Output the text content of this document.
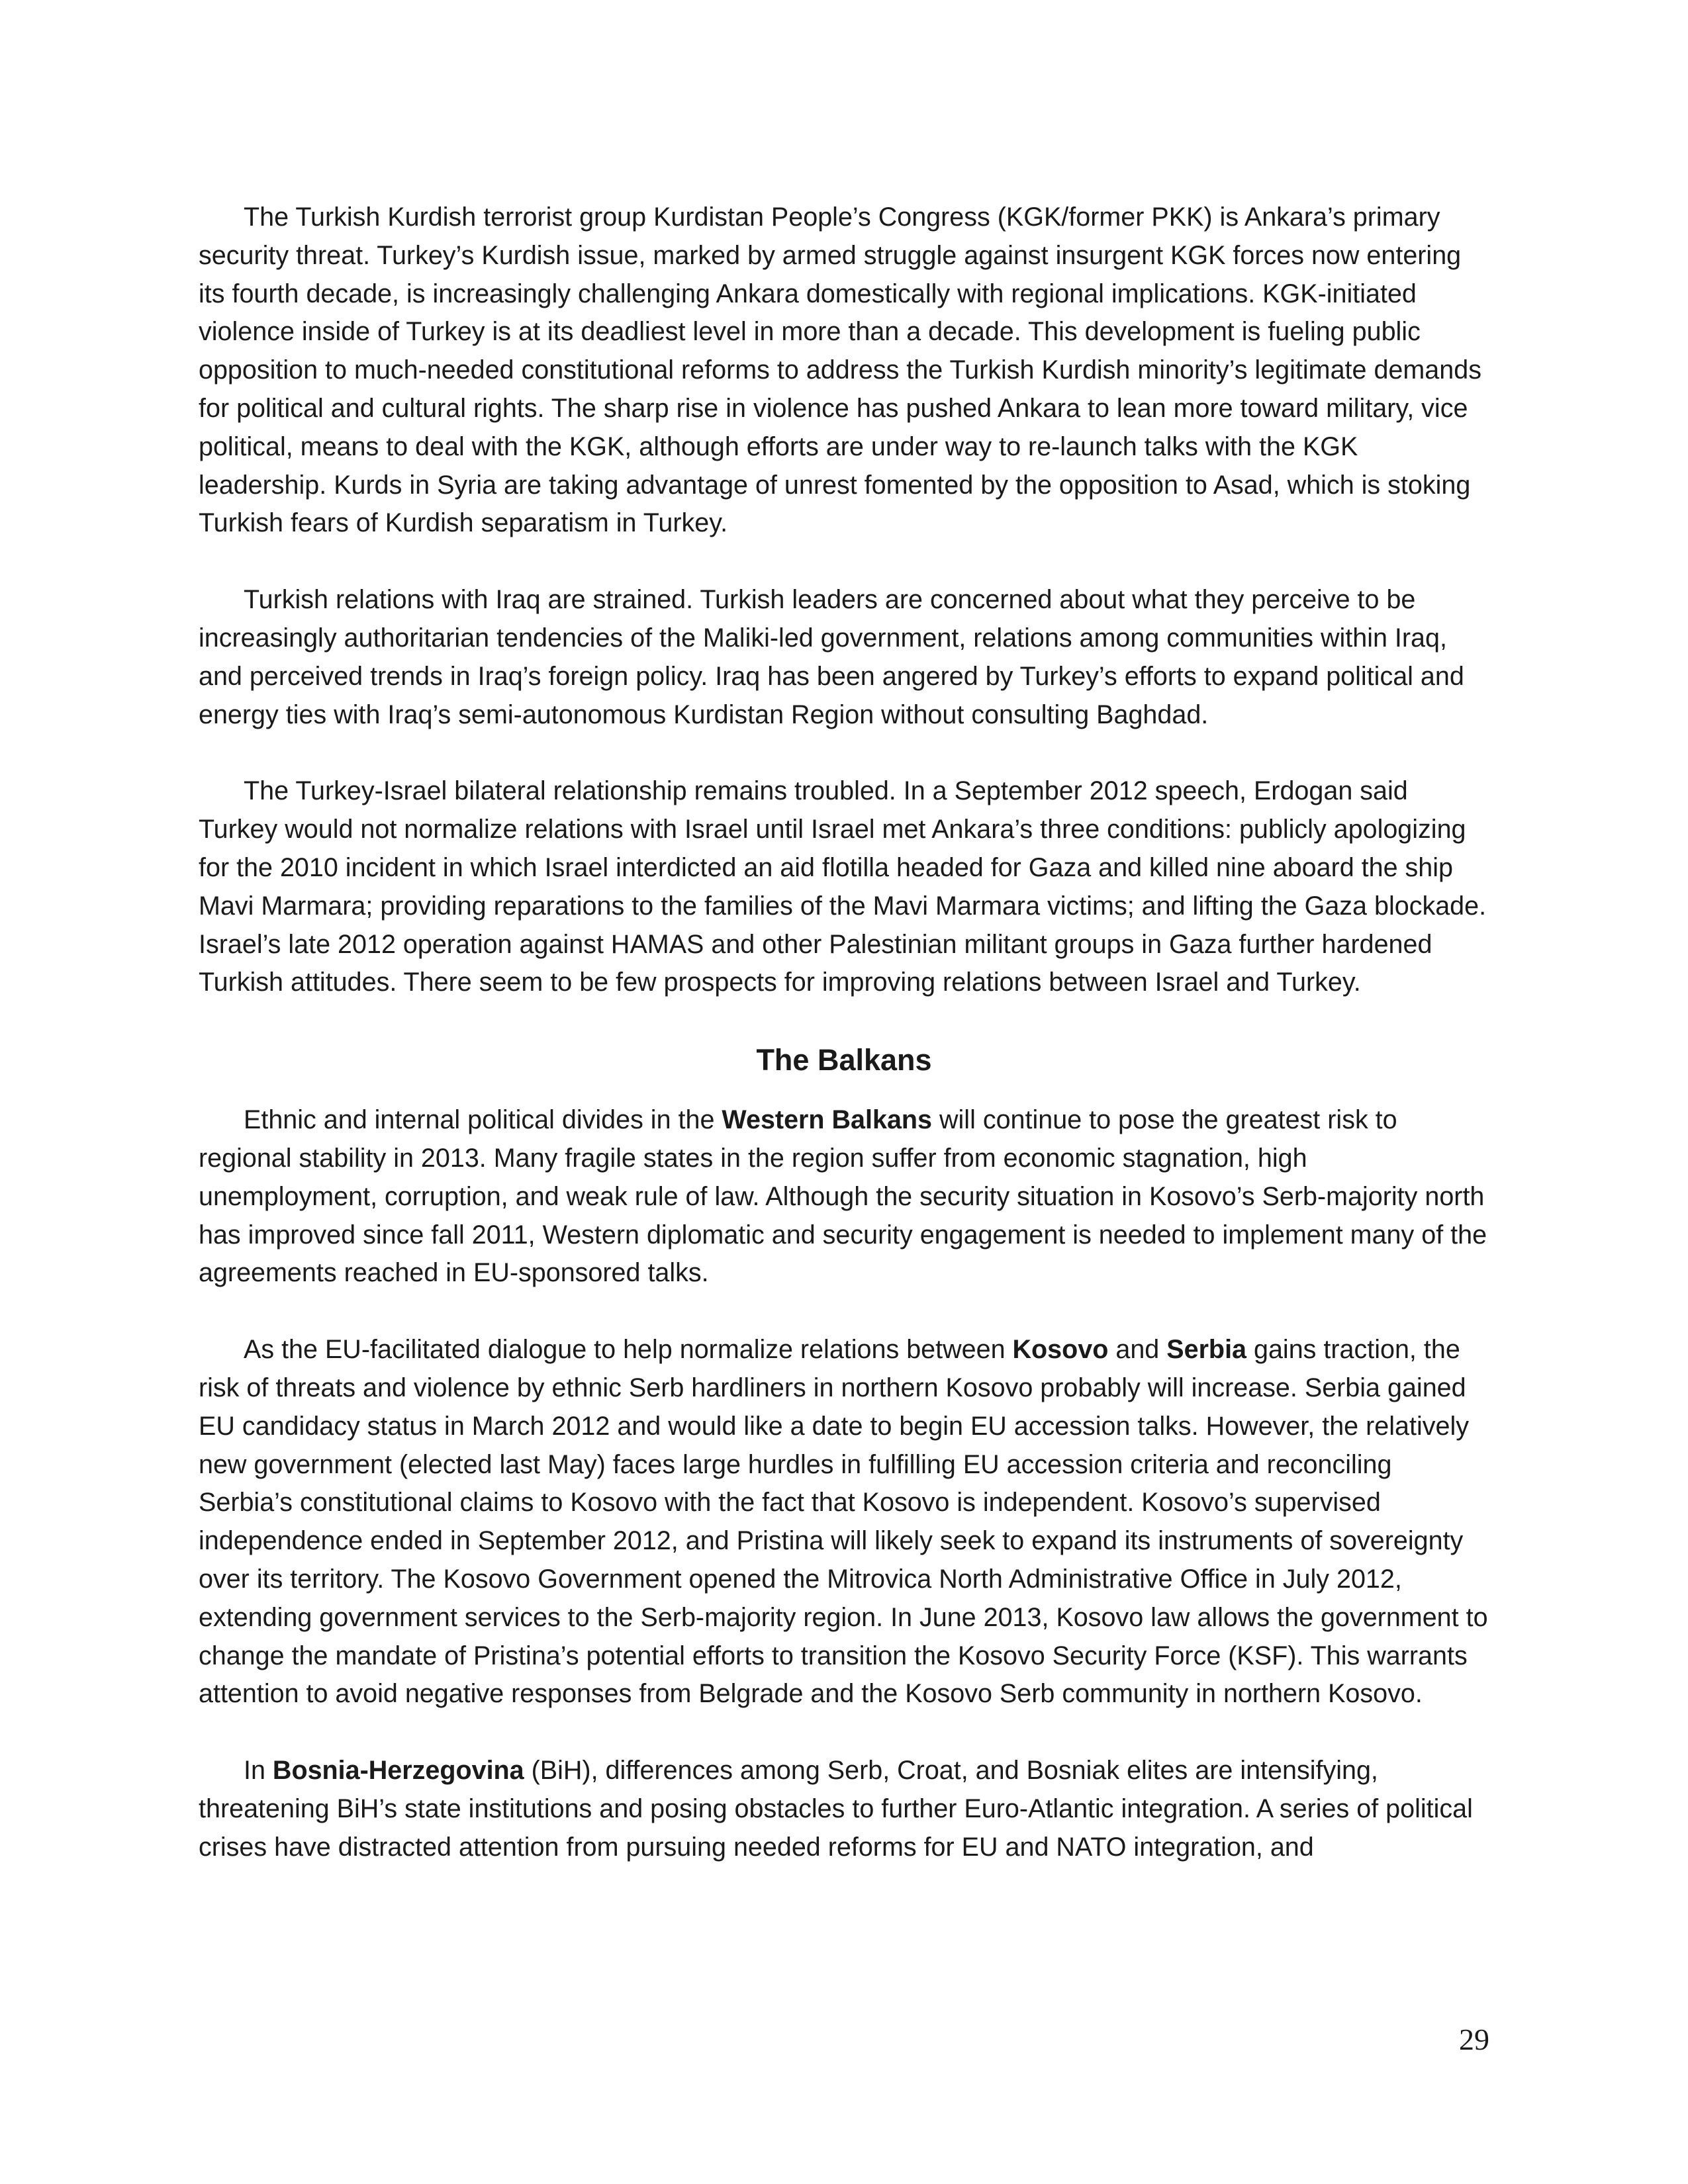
The Turkish Kurdish terrorist group Kurdistan People’s Congress (KGK/former PKK) is Ankara’s primary security threat. Turkey’s Kurdish issue, marked by armed struggle against insurgent KGK forces now entering its fourth decade, is increasingly challenging Ankara domestically with regional implications. KGK-initiated violence inside of Turkey is at its deadliest level in more than a decade. This development is fueling public opposition to much-needed constitutional reforms to address the Turkish Kurdish minority’s legitimate demands for political and cultural rights. The sharp rise in violence has pushed Ankara to lean more toward military, vice political, means to deal with the KGK, although efforts are under way to re-launch talks with the KGK leadership. Kurds in Syria are taking advantage of unrest fomented by the opposition to Asad, which is stoking Turkish fears of Kurdish separatism in Turkey.

Turkish relations with Iraq are strained. Turkish leaders are concerned about what they perceive to be increasingly authoritarian tendencies of the Maliki-led government, relations among communities within Iraq, and perceived trends in Iraq’s foreign policy. Iraq has been angered by Turkey’s efforts to expand political and energy ties with Iraq’s semi-autonomous Kurdistan Region without consulting Baghdad.

The Turkey-Israel bilateral relationship remains troubled. In a September 2012 speech, Erdogan said Turkey would not normalize relations with Israel until Israel met Ankara’s three conditions: publicly apologizing for the 2010 incident in which Israel interdicted an aid flotilla headed for Gaza and killed nine aboard the ship Mavi Marmara; providing reparations to the families of the Mavi Marmara victims; and lifting the Gaza blockade. Israel’s late 2012 operation against HAMAS and other Palestinian militant groups in Gaza further hardened Turkish attitudes. There seem to be few prospects for improving relations between Israel and Turkey.

The Balkans

Ethnic and internal political divides in the Western Balkans will continue to pose the greatest risk to regional stability in 2013. Many fragile states in the region suffer from economic stagnation, high unemployment, corruption, and weak rule of law. Although the security situation in Kosovo’s Serb-majority north has improved since fall 2011, Western diplomatic and security engagement is needed to implement many of the agreements reached in EU-sponsored talks.

As the EU-facilitated dialogue to help normalize relations between Kosovo and Serbia gains traction, the risk of threats and violence by ethnic Serb hardliners in northern Kosovo probably will increase. Serbia gained EU candidacy status in March 2012 and would like a date to begin EU accession talks. However, the relatively new government (elected last May) faces large hurdles in fulfilling EU accession criteria and reconciling Serbia’s constitutional claims to Kosovo with the fact that Kosovo is independent. Kosovo’s supervised independence ended in September 2012, and Pristina will likely seek to expand its instruments of sovereignty over its territory. The Kosovo Government opened the Mitrovica North Administrative Office in July 2012, extending government services to the Serb-majority region. In June 2013, Kosovo law allows the government to change the mandate of Pristina’s potential efforts to transition the Kosovo Security Force (KSF). This warrants attention to avoid negative responses from Belgrade and the Kosovo Serb community in northern Kosovo.

In Bosnia-Herzegovina (BiH), differences among Serb, Croat, and Bosniak elites are intensifying, threatening BiH’s state institutions and posing obstacles to further Euro-Atlantic integration. A series of political crises have distracted attention from pursuing needed reforms for EU and NATO integration, and

29
